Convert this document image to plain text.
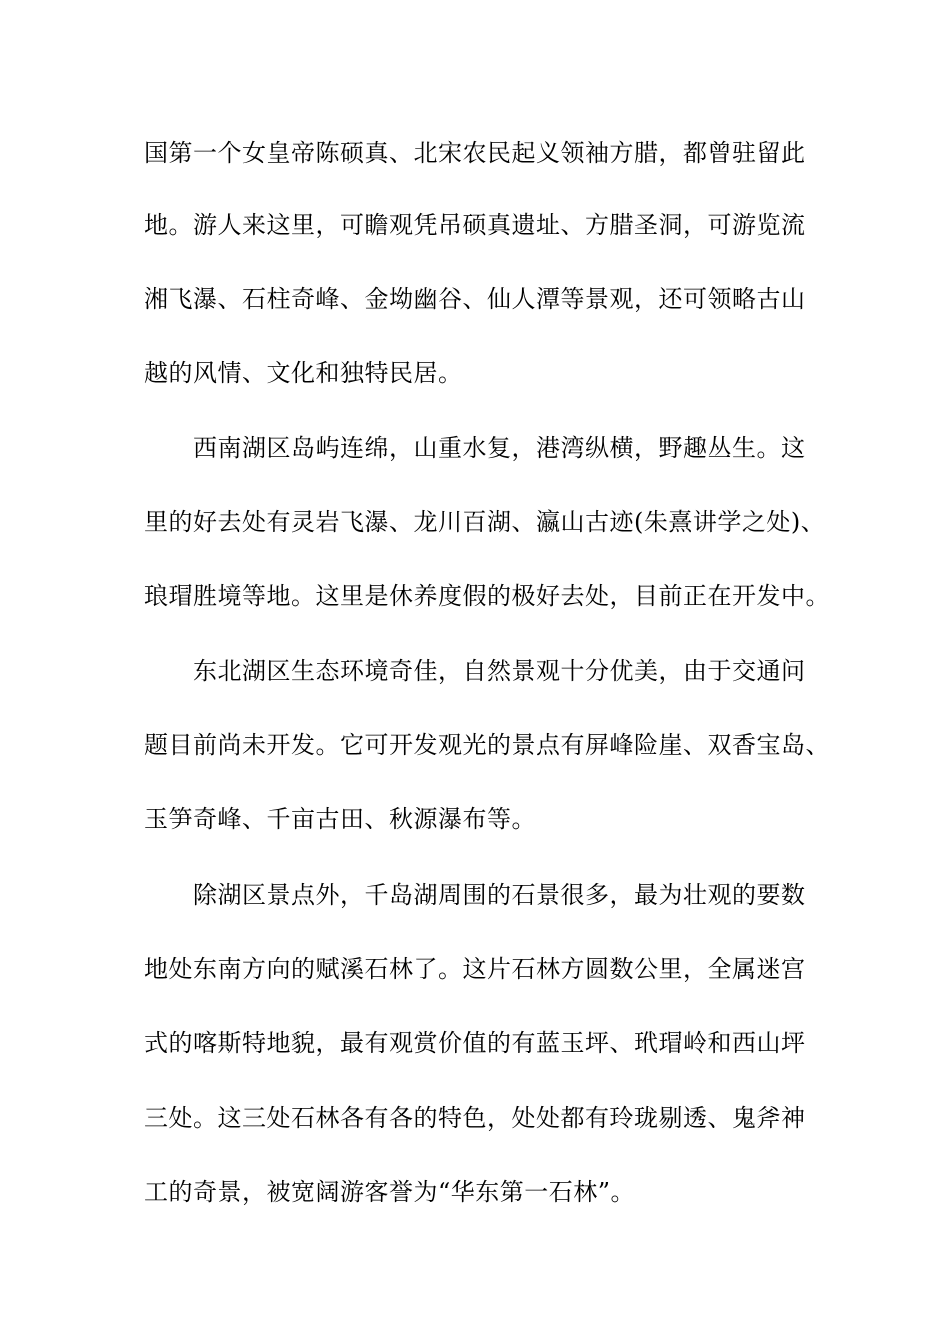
国第一个女皇帝陈硕真、北宋农民起义领袖方腊，都曾驻留此
地。游人来这里，可瞻观凭吊硕真遗址、方腊圣洞，可游览流
湘飞瀑、石柱奇峰、金坳幽谷、仙人潭等景观，还可领略古山
越的风情、文化和独特民居。
西南湖区岛屿连绵，山重水复，港湾纵横，野趣丛生。这
里的好去处有灵岩飞瀑、龙川百湖、瀛山古迹(朱熹讲学之处)、
琅瑁胜境等地。这里是休养度假的极好去处，目前正在开发中。
东北湖区生态环境奇佳，自然景观十分优美，由于交通问
题目前尚未开发。它可开发观光的景点有屏峰险崖、双香宝岛、
玉笋奇峰、千亩古田、秋源瀑布等。
除湖区景点外，千岛湖周围的石景很多，最为壮观的要数
地处东南方向的赋溪石林了。这片石林方圆数公里，全属迷宫
式的喀斯特地貌，最有观赏价值的有蓝玉坪、玳瑁岭和西山坪
三处。这三处石林各有各的特色，处处都有玲珑剔透、鬼斧神
工的奇景，被宽阔游客誉为“华东第一石林”。
